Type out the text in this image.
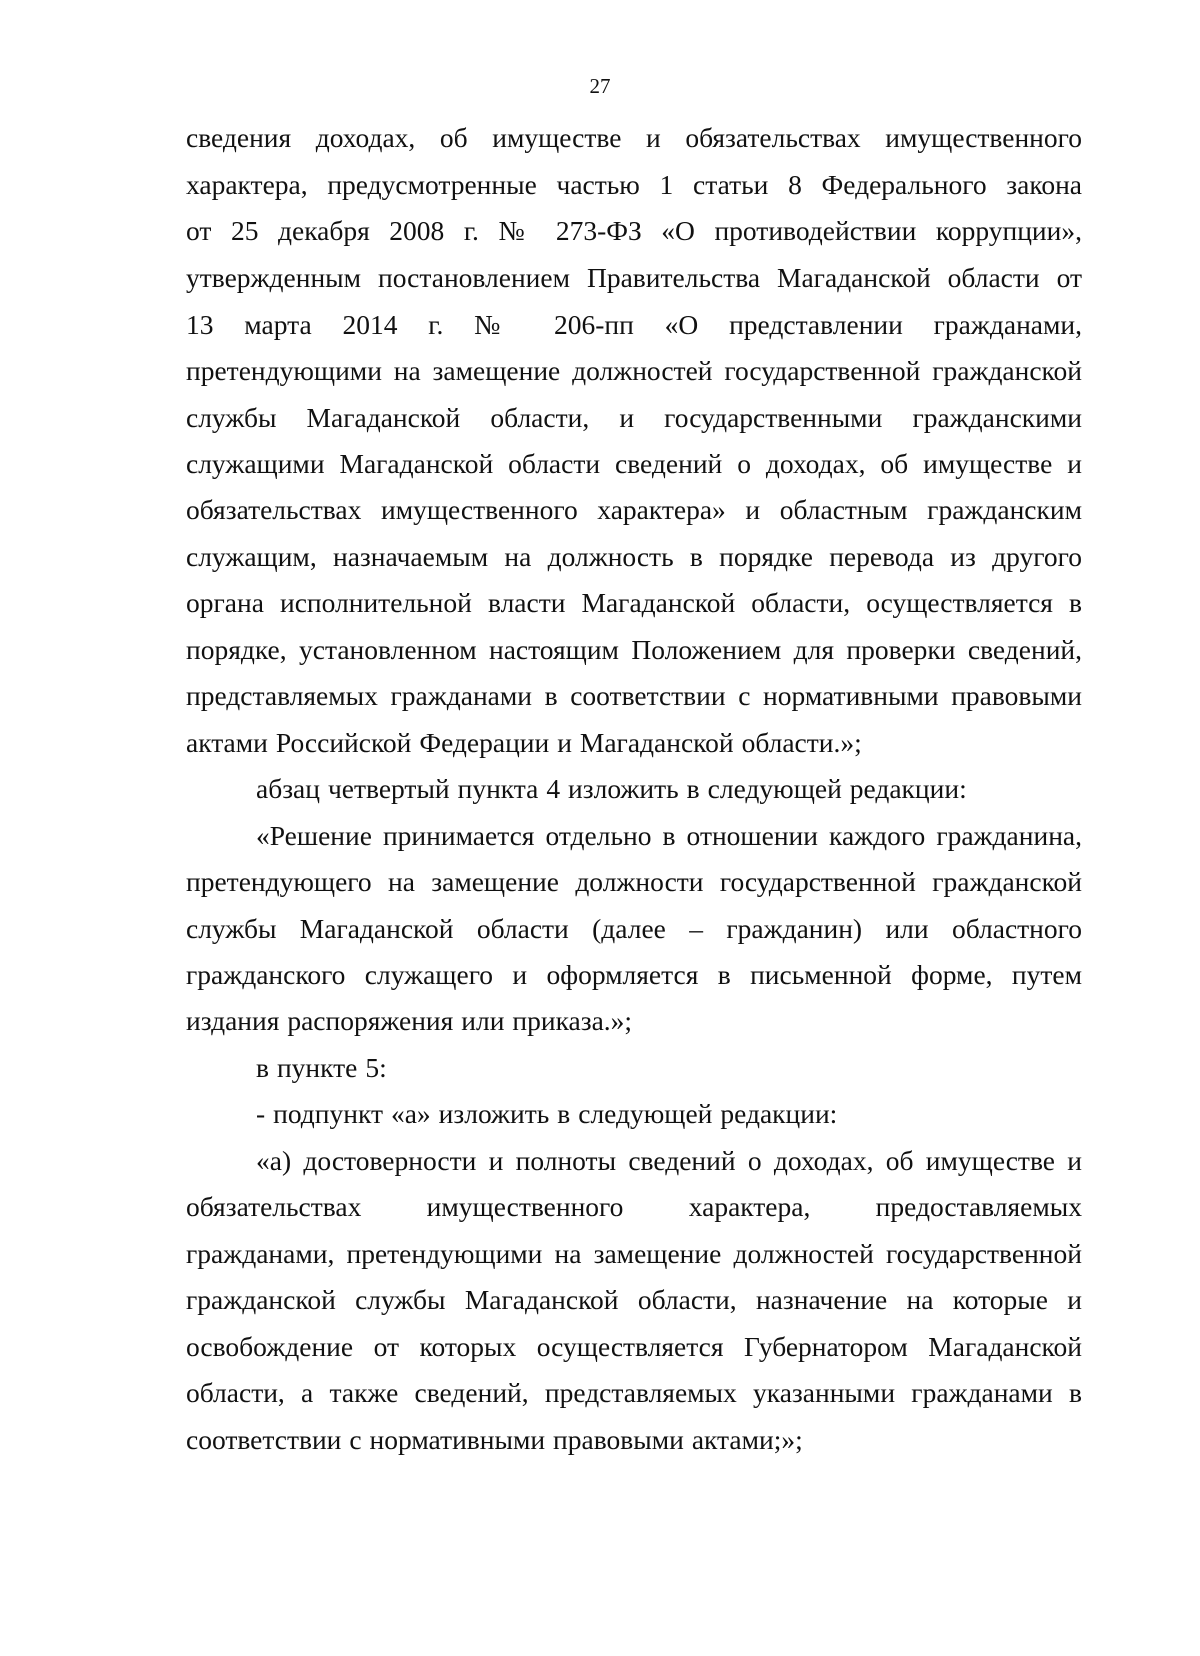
27
сведения доходах, об имуществе и обязательствах имущественного
характера, предусмотренные частью 1 статьи 8 Федерального закона
от 25 декабря 2008 г. № 273-ФЗ «О противодействии коррупции»,
утвержденным постановлением Правительства Магаданской области от
13 марта 2014 г. № 206-пп «О представлении гражданами,
претендующими на замещение должностей государственной гражданской
службы Магаданской области, и государственными гражданскими
служащими Магаданской области сведений о доходах, об имуществе и
обязательствах имущественного характера» и областным гражданским
служащим, назначаемым на должность в порядке перевода из другого
органа исполнительной власти Магаданской области, осуществляется в
порядке, установленном настоящим Положением для проверки сведений,
представляемых гражданами в соответствии с нормативными правовыми
актами Российской Федерации и Магаданской области.»;
абзац четвертый пункта 4 изложить в следующей редакции:
«Решение принимается отдельно в отношении каждого гражданина,
претендующего на замещение должности государственной гражданской
службы Магаданской области (далее – гражданин) или областного
гражданского служащего и оформляется в письменной форме, путем
издания распоряжения или приказа.»;
в пункте 5:
- подпункт «а» изложить в следующей редакции:
«а) достоверности и полноты сведений о доходах, об имуществе и
обязательствах имущественного характера, предоставляемых
гражданами, претендующими на замещение должностей государственной
гражданской службы Магаданской области, назначение на которые и
освобождение от которых осуществляется Губернатором Магаданской
области, а также сведений, представляемых указанными гражданами в
соответствии с нормативными правовыми актами;»;
